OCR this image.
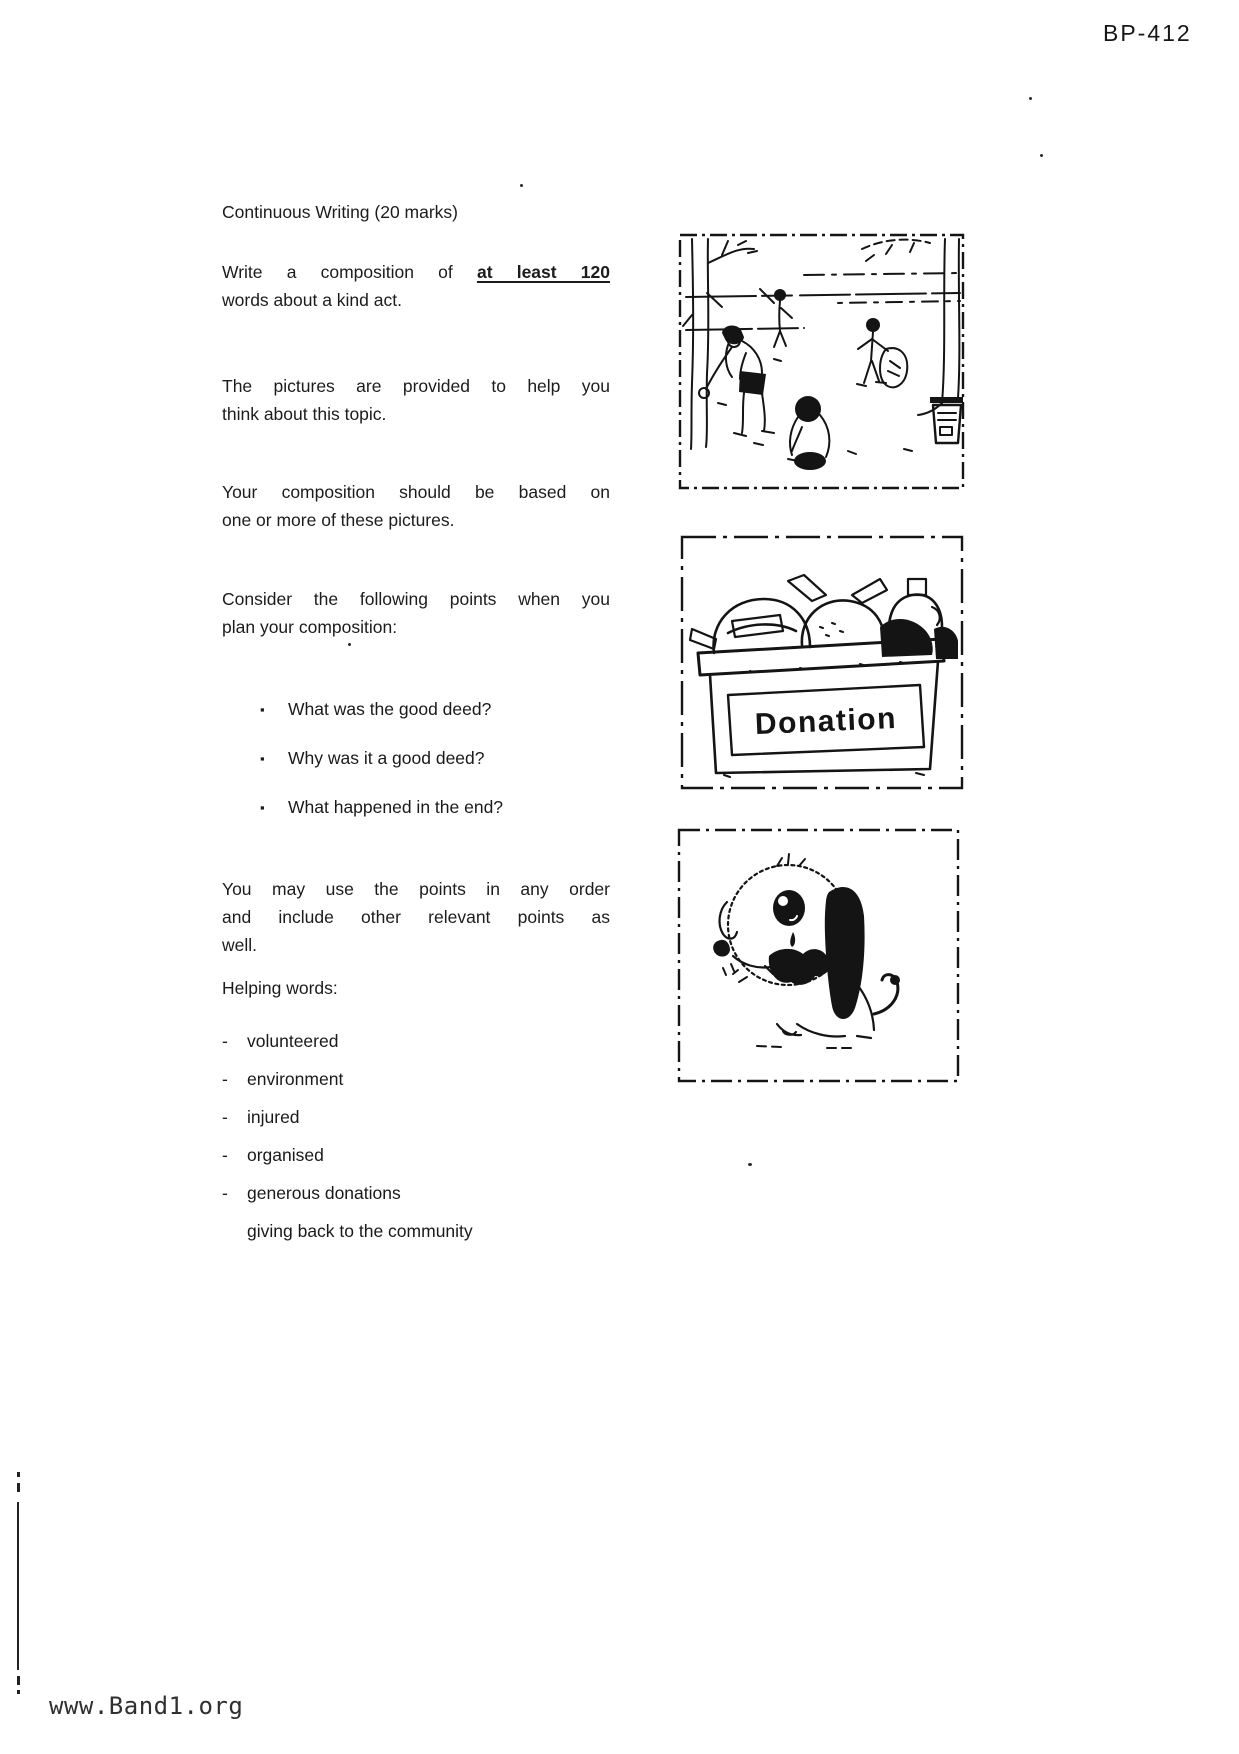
BP-412
Continuous Writing (20 marks)
Write a composition of at least 120
words about a kind act.
The pictures are provided to help you
think about this topic.
Your composition should be based on
one or more of these pictures.
Consider the following points when you
plan your composition:
▪ What was the good deed?
▪ Why was it a good deed?
▪ What happened in the end?
You may use the points in any order
and include other relevant points as
well.
Helping words:
- volunteered
- environment
- injured
- organised
- generous donations
giving back to the community
Donation
www.Band1.org
